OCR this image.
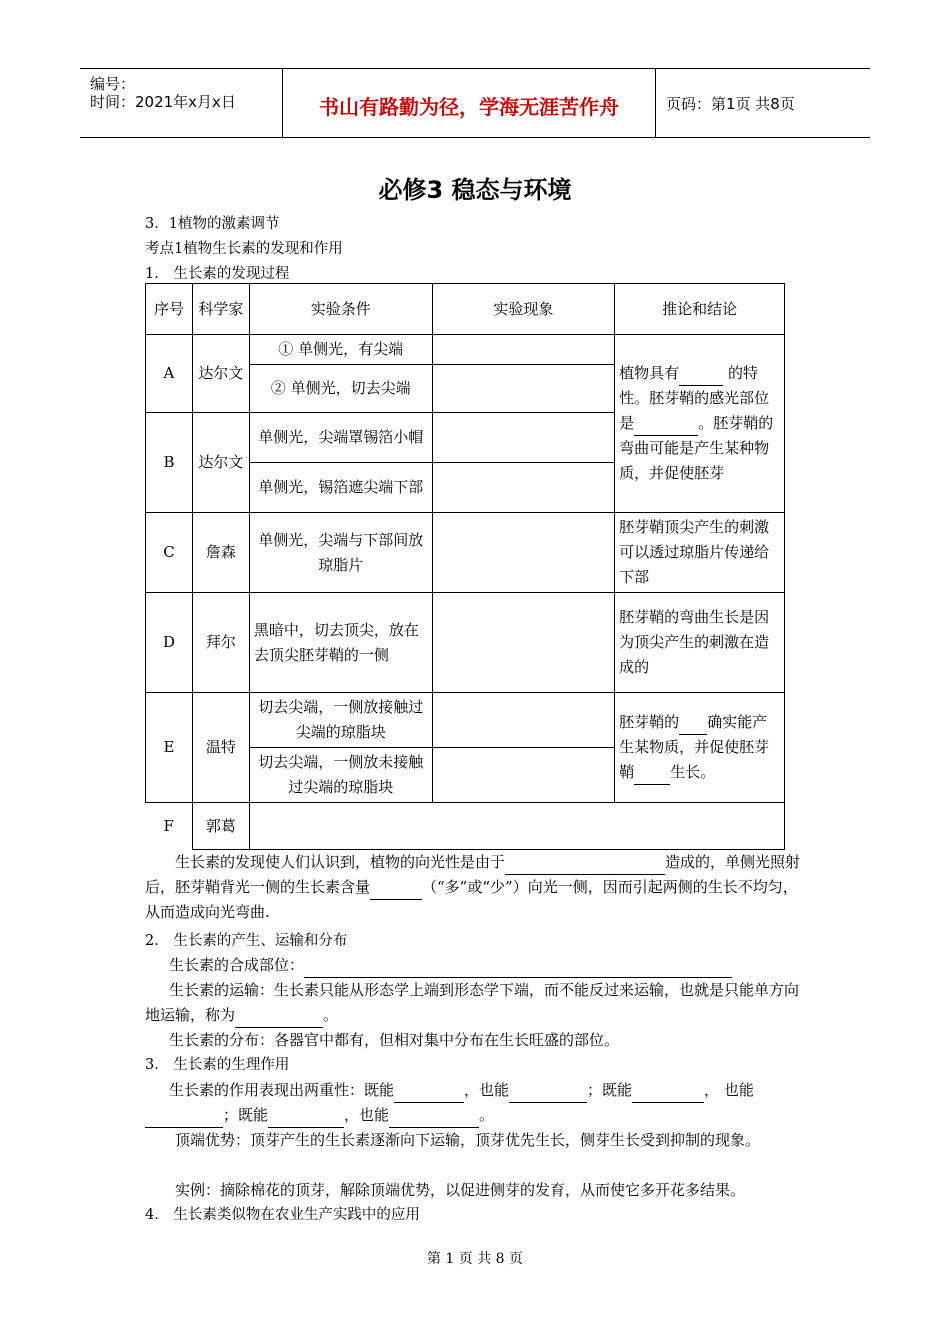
编号：
时间：2021年x月x日	书山有路勤为径，学海无涯苦作舟	页码：第1页 共8页
必修3 稳态与环境
3．1植物的激素调节
考点1植物生长素的发现和作用
1． 生长素的发现过程
序号	科学家	实验条件	实验现象	推论和结论
A	达尔文	① 单侧光，有尖端		植物具有 的特性。胚芽鞘的感光部位是 。胚芽鞘的弯曲可能是产生某种物质，并促使胚芽
		② 单侧光，切去尖端		
B	达尔文	单侧光，尖端罩锡箔小帽		
		单侧光，锡箔遮尖端下部		
C	詹森	单侧光，尖端与下部间放琼脂片		胚芽鞘顶尖产生的刺激可以透过琼脂片传递给下部
D	拜尔	黑暗中，切去顶尖，放在去顶尖胚芽鞘的一侧		胚芽鞘的弯曲生长是因为顶尖产生的刺激在造成的
E	温特	切去尖端，一侧放接触过尖端的琼脂块		胚芽鞘的 确实能产生某物质，并促使胚芽鞘 生长。
		切去尖端，一侧放未接触过尖端的琼脂块		
F	郭葛			
生长素的发现使人们认识到，植物的向光性是由于	造成的，单侧光照射后，胚芽鞘背光一侧的生长素含量	（“多”或“少”）向光一侧，因而引起两侧的生长不均匀，从而造成向光弯曲.
2． 生长素的产生、运输和分布
生长素的合成部位：
生长素的运输：生长素只能从形态学上端到形态学下端，而不能反过来运输，也就是只能单方向地运输，称为	。
生长素的分布：各器官中都有，但相对集中分布在生长旺盛的部位。
3． 生长素的生理作用
生长素的作用表现出两重性：既能	，也能	；既能	， 也能；既能	，也能	。
顶端优势：顶芽产生的生长素逐渐向下运输，顶芽优先生长，侧芽生长受到抑制的现象。
实例：摘除棉花的顶芽，解除顶端优势，以促进侧芽的发育，从而使它多开花多结果。
4． 生长素类似物在农业生产实践中的应用
第 1 页 共 8 页
